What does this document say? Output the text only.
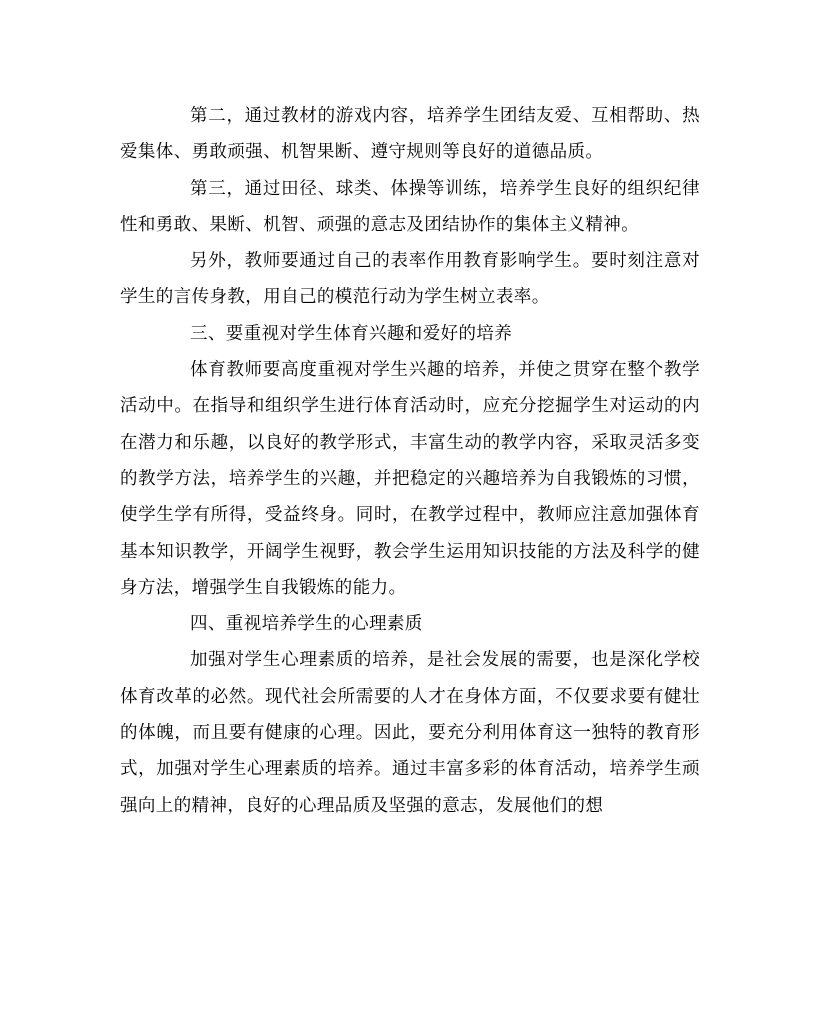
第二，通过教材的游戏内容，培养学生团结友爱、互相帮助、热爱集体、勇敢顽强、机智果断、遵守规则等良好的道德品质。

第三，通过田径、球类、体操等训练，培养学生良好的组织纪律性和勇敢、果断、机智、顽强的意志及团结协作的集体主义精神。

另外，教师要通过自己的表率作用教育影响学生。要时刻注意对学生的言传身教，用自己的模范行动为学生树立表率。

三、要重视对学生体育兴趣和爱好的培养

体育教师要高度重视对学生兴趣的培养，并使之贯穿在整个教学活动中。在指导和组织学生进行体育活动时，应充分挖掘学生对运动的内在潜力和乐趣，以良好的教学形式，丰富生动的教学内容，采取灵活多变的教学方法，培养学生的兴趣，并把稳定的兴趣培养为自我锻炼的习惯，使学生学有所得，受益终身。同时，在教学过程中，教师应注意加强体育基本知识教学，开阔学生视野，教会学生运用知识技能的方法及科学的健身方法，增强学生自我锻炼的能力。

四、重视培养学生的心理素质

加强对学生心理素质的培养，是社会发展的需要，也是深化学校体育改革的必然。现代社会所需要的人才在身体方面，不仅要求要有健壮的体魄，而且要有健康的心理。因此，要充分利用体育这一独特的教育形式，加强对学生心理素质的培养。通过丰富多彩的体育活动，培养学生顽强向上的精神，良好的心理品质及坚强的意志，发展他们的想
